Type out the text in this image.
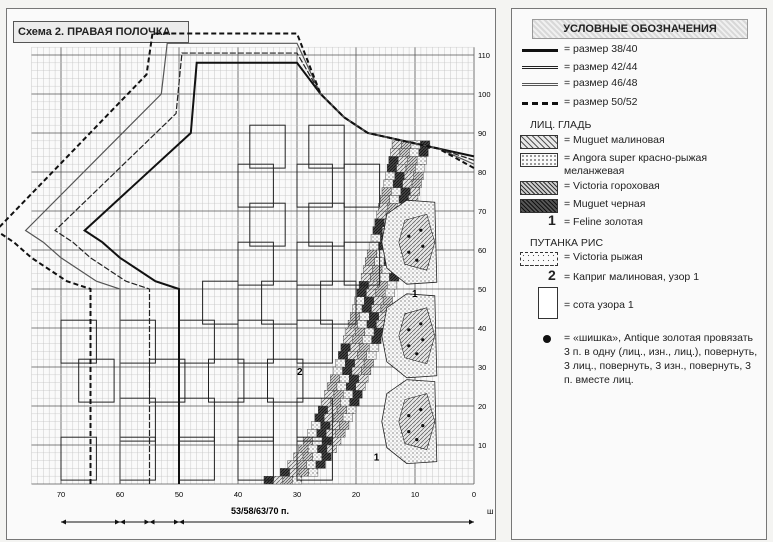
Схема 2. ПРАВАЯ ПОЛОЧКА
10
20
30
40
50
60
70
80
90
100
110
70	60	50	40	30	20	10	0
53/58/63/70 п.
1
1
2
ш
УСЛОВНЫЕ ОБОЗНАЧЕНИЯ
= размер 38/40
= размер 42/44
= размер 46/48
= размер 50/52
ЛИЦ. ГЛАДЬ
= Muguet малиновая
= Angora super красно-рыжая меланжевая
= Victoria гороховая
= Muguet черная
1 = Feline золотая
ПУТАНКА РИС
= Victoria рыжая
2 = Каприг малиновая, узор 1
= сота узора 1
= «шишка», Antique золотая провязать 3 п. в одну (лиц., изн., лиц.), повернуть, 3 лиц., повернуть, 3 изн., повернуть, 3 п. вместе лиц.
